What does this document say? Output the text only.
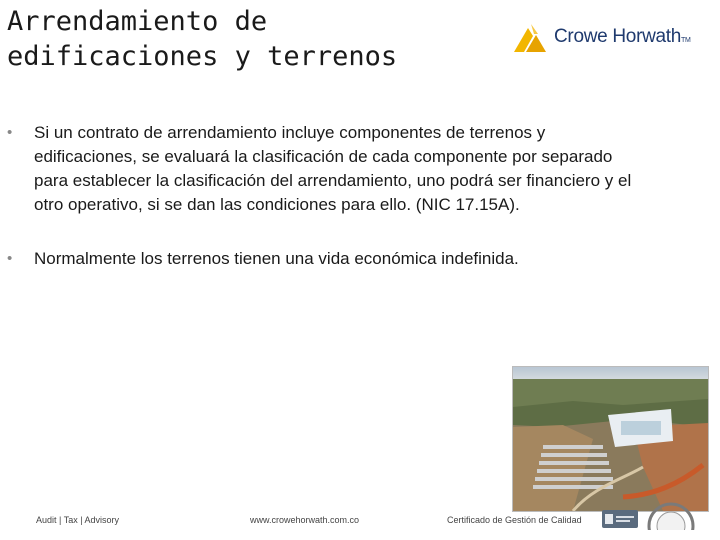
Arrendamiento de
edificaciones y terrenos
Crowe HorwathTM
• Si un contrato de arrendamiento incluye componentes de terrenos y edificaciones, se evaluará la clasificación de cada componente por separado para establecer la clasificación del arrendamiento, uno podrá ser financiero y el otro operativo, si se dan las condiciones para ello. (NIC 17.15A).
• Normalmente los terrenos tienen una vida económica indefinida.
Audit | Tax | Advisory	www.crowehorwath.com.co	Certificado de Gestión de Calidad
